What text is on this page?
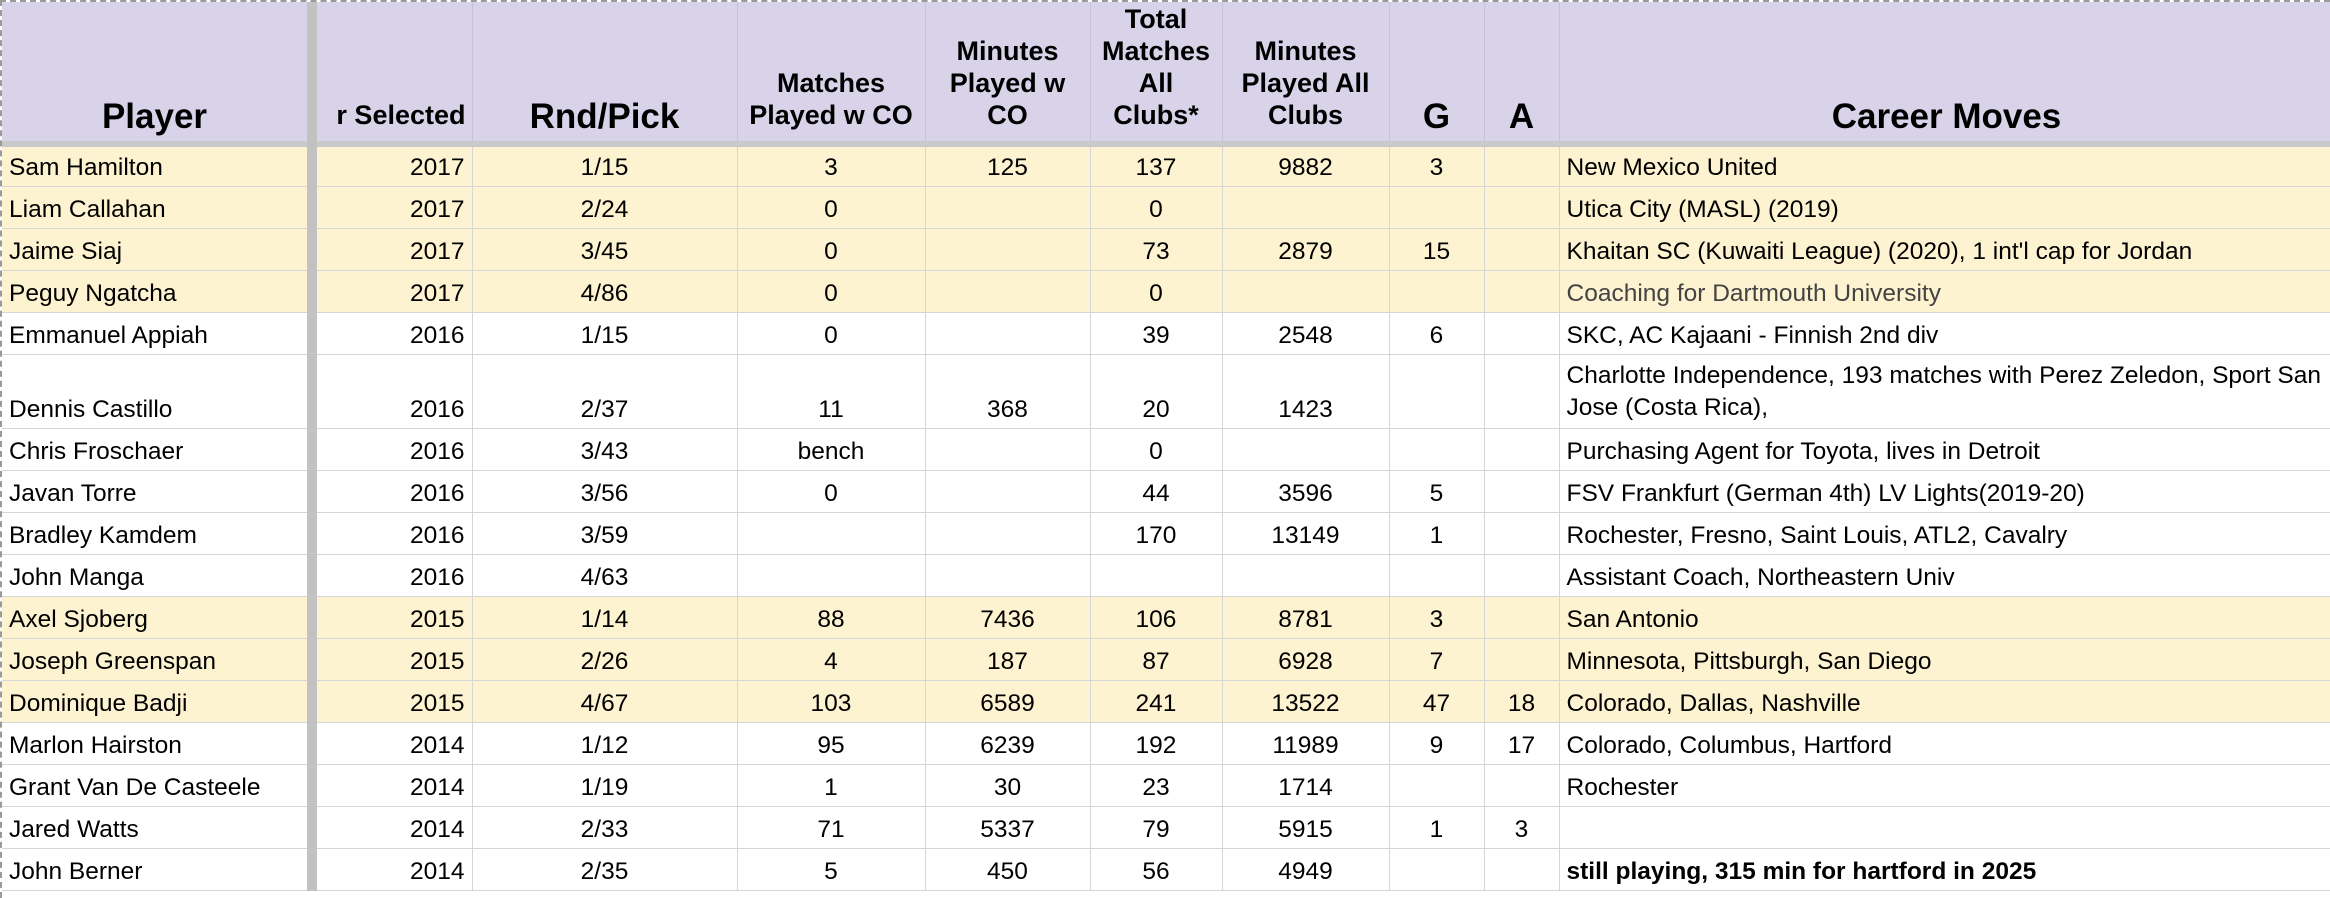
Player	r Selected	Rnd/Pick	Matches Played w CO	Minutes Played w CO	Total Matches All Clubs*	Minutes Played All Clubs	G	A	Career Moves
Sam Hamilton	2017	1/15	3	125	137	9882	3		New Mexico United
Liam Callahan	2017	2/24	0		0				Utica City (MASL) (2019)
Jaime Siaj	2017	3/45	0		73	2879	15		Khaitan SC (Kuwaiti League) (2020), 1 int'l cap for Jordan
Peguy Ngatcha	2017	4/86	0		0				Coaching for Dartmouth University
Emmanuel Appiah	2016	1/15	0		39	2548	6		SKC, AC Kajaani - Finnish 2nd div
Dennis Castillo	2016	2/37	11	368	20	1423			Charlotte Independence, 193 matches with Perez Zeledon, Sport San Jose (Costa Rica),
Chris Froschaer	2016	3/43	bench		0				Purchasing Agent for Toyota, lives in Detroit
Javan Torre	2016	3/56	0		44	3596	5		FSV Frankfurt (German 4th) LV Lights(2019-20)
Bradley Kamdem	2016	3/59			170	13149	1		Rochester, Fresno, Saint Louis, ATL2, Cavalry
John Manga	2016	4/63							Assistant Coach, Northeastern Univ
Axel Sjoberg	2015	1/14	88	7436	106	8781	3		San Antonio
Joseph Greenspan	2015	2/26	4	187	87	6928	7		Minnesota, Pittsburgh, San Diego
Dominique Badji	2015	4/67	103	6589	241	13522	47	18	Colorado, Dallas, Nashville
Marlon Hairston	2014	1/12	95	6239	192	11989	9	17	Colorado, Columbus, Hartford
Grant Van De Casteele	2014	1/19	1	30	23	1714			Rochester
Jared Watts	2014	2/33	71	5337	79	5915	1	3	
John Berner	2014	2/35	5	450	56	4949			still playing, 315 min for hartford in 2025
